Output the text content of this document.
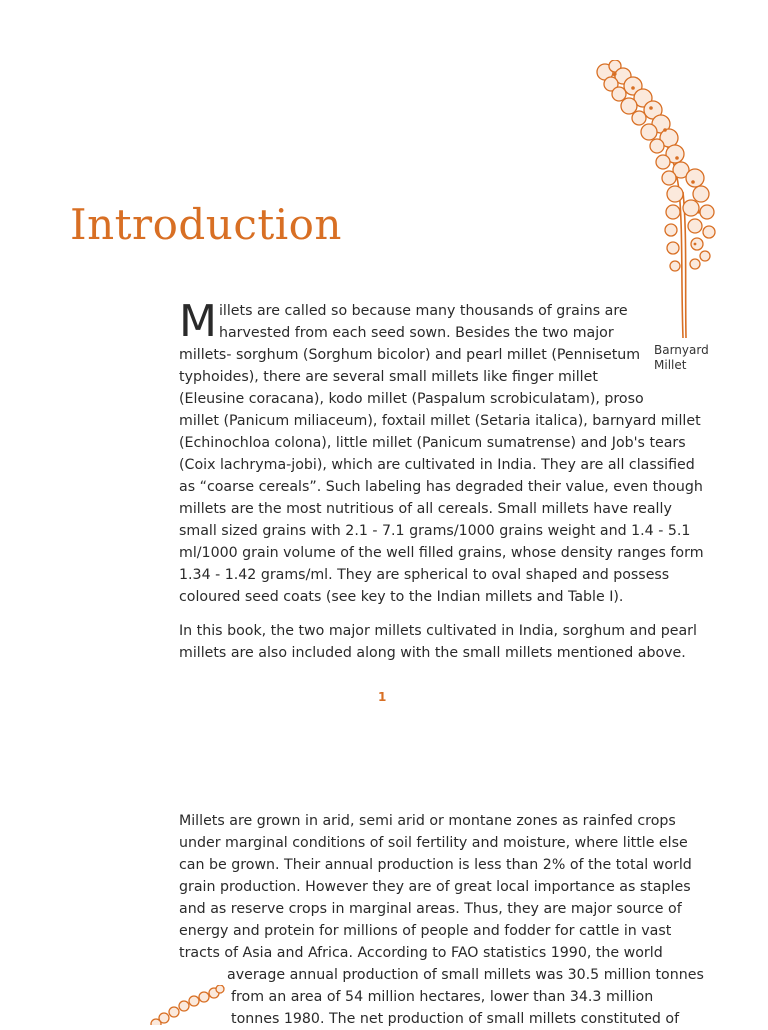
Introduction
Barnyard Millet
M illets are called so because many thousands of grains are
harvested from each seed sown. Besides the two major
millets- sorghum (Sorghum bicolor) and pearl millet (Pennisetum
typhoides), there are several small millets like finger millet
(Eleusine coracana), kodo millet (Paspalum scrobiculatam), proso
millet (Panicum miliaceum), foxtail millet (Setaria italica), barnyard millet
(Echinochloa colona), little millet (Panicum sumatrense) and Job's tears
(Coix lachryma-jobi), which are cultivated in India. They are all classified
as “coarse cereals”. Such labeling has degraded their value, even though
millets are the most nutritious of all cereals. Small millets have really
small sized grains with 2.1 - 7.1 grams/1000 grains weight and 1.4 - 5.1
ml/1000 grain volume of the well filled grains, whose density ranges form
1.34 - 1.42 grams/ml. They are spherical to oval shaped and possess
coloured seed coats (see key to the Indian millets and Table I).
In this book, the two major millets cultivated in India, sorghum and pearl
millets are also included along with the small millets mentioned above.
1
Millets are grown in arid, semi arid or montane zones as rainfed crops
under marginal conditions of soil fertility and moisture, where little else
can be grown. Their annual production is less than 2% of the total world
grain production. However they are of great local importance as staples
and as reserve crops in marginal areas. Thus, they are major source of
energy and protein for millions of people and fodder for cattle in vast
tracts of Asia and Africa. According to FAO statistics 1990, the world
average annual production of small millets was 30.5 million tonnes
from an area of 54 million hectares, lower than 34.3 million
tonnes 1980. The net production of small millets constituted of
